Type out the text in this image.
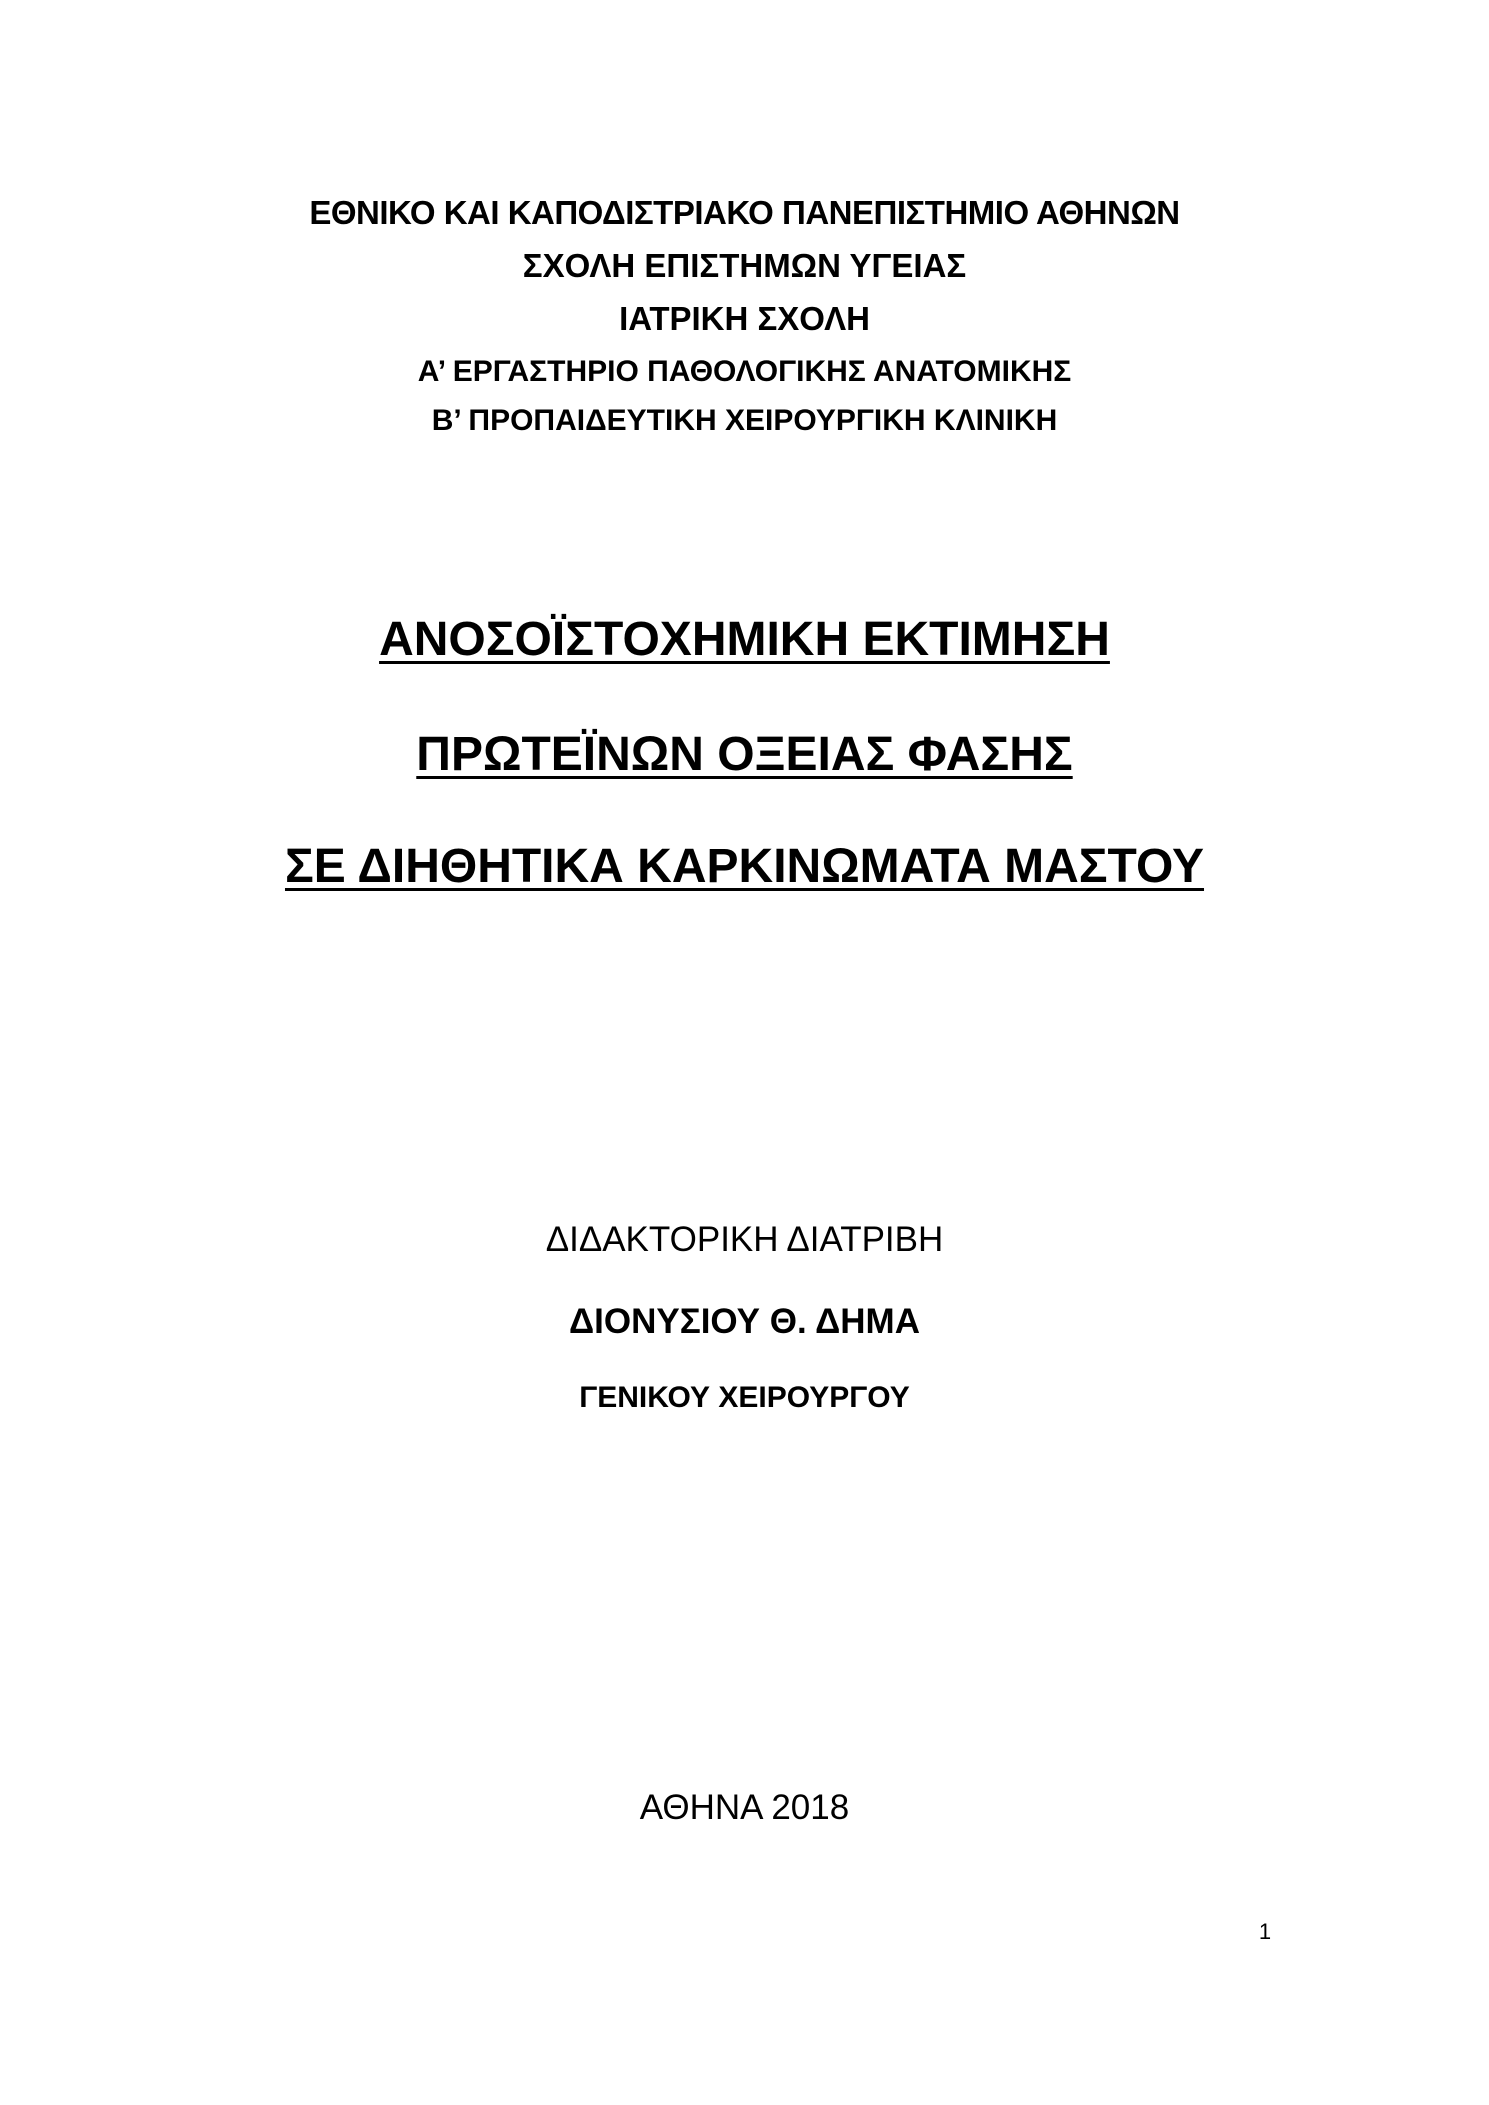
ΕΘΝΙΚΟ ΚΑΙ ΚΑΠΟΔΙΣΤΡΙΑΚΟ ΠΑΝΕΠΙΣΤΗΜΙΟ ΑΘΗΝΩΝ
ΣΧΟΛΗ ΕΠΙΣΤΗΜΩΝ ΥΓΕΙΑΣ
ΙΑΤΡΙΚΗ ΣΧΟΛΗ
Α’ ΕΡΓΑΣΤΗΡΙΟ ΠΑΘΟΛΟΓΙΚΗΣ ΑΝΑΤΟΜΙΚΗΣ
Β’ ΠΡΟΠΑΙΔΕΥΤΙΚΗ ΧΕΙΡΟΥΡΓΙΚΗ ΚΛΙΝΙΚΗ
ΑΝΟΣΟΪΣΤΟΧΗΜΙΚΗ ΕΚΤΙΜΗΣΗ
ΠΡΩΤΕΪΝΩΝ ΟΞΕΙΑΣ ΦΑΣΗΣ
ΣΕ ΔΙΗΘΗΤΙΚΑ ΚΑΡΚΙΝΩΜΑΤΑ ΜΑΣΤΟΥ
ΔΙΔΑΚΤΟΡΙΚΗ ΔΙΑΤΡΙΒΗ
ΔΙΟΝΥΣΙΟΥ Θ. ΔΗΜΑ
ΓΕΝΙΚΟΥ ΧΕΙΡΟΥΡΓΟΥ
ΑΘΗΝΑ 2018
1
